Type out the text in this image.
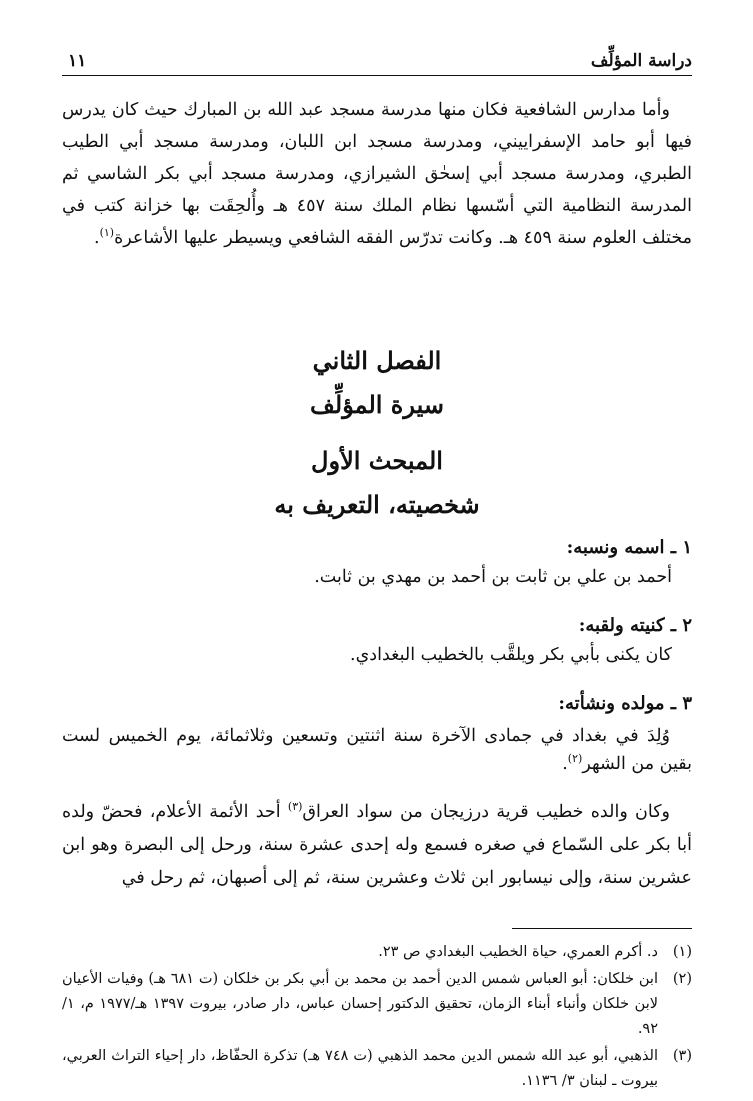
دراسة المؤلِّف
١١

وأما مدارس الشافعية فكان منها مدرسة مسجد عبد الله بن المبارك حيث كان يدرس فيها أبو حامد الإسفراييني، ومدرسة مسجد ابن اللبان، ومدرسة مسجد أبي الطيب الطبري، ومدرسة مسجد أبي إسحٰق الشيرازي، ومدرسة مسجد أبي بكر الشاسي ثم المدرسة النظامية التي أسّسها نظام الملك سنة ٤٥٧ هـ وأُلحِقَت بها خزانة كتب في مختلف العلوم سنة ٤٥٩ هـ. وكانت تدرّس الفقه الشافعي ويسيطر عليها الأشاعرة$^{(١)}$.

الفصل الثاني

سيرة المؤلِّف

المبحث الأول

شخصيته، التعريف به

١ ـ اسمه ونسبه:

أحمد بن علي بن ثابت بن أحمد بن مهدي بن ثابت.

٢ ـ كنيته ولقبه:

كان يكنى بأبي بكر ويلقَّب بالخطيب البغدادي.

٣ ـ مولده ونشأته:

وُلِدَ في بغداد في جمادى الآخرة سنة اثنتين وتسعين وثلاثمائة، يوم الخميس لست بقين من الشهر$^{(٢)}$.

وكان والده خطيب قرية درزيجان من سواد العراق$^{(٣)}$ أحد الأئمة الأعلام، فحضّ ولده أبا بكر على السّماع في صغره فسمع وله إحدى عشرة سنة، ورحل إلى البصرة وهو ابن عشرين سنة، وإلى نيسابور ابن ثلاث وعشرين سنة، ثم إلى أصبهان، ثم رحل في

(١)
د. أكرم العمري، حياة الخطيب البغدادي ص ٢٣.
(٢)
ابن خلكان: أبو العباس شمس الدين أحمد بن محمد بن أبي بكر بن خلكان (ت ٦٨١ هـ) وفيات الأعيان لابن خلكان وأنباء أبناء الزمان، تحقيق الدكتور إحسان عباس، دار صادر، بيروت ١٣٩٧ هـ/١٩٧٧ م، ١/ ٩٢.
(٣)
الذهبي، أبو عبد الله شمس الدين محمد الذهبي (ت ٧٤٨ هـ) تذكرة الحفّاظ، دار إحياء التراث العربي، بيروت ـ لبنان ٣/ ١١٣٦.
